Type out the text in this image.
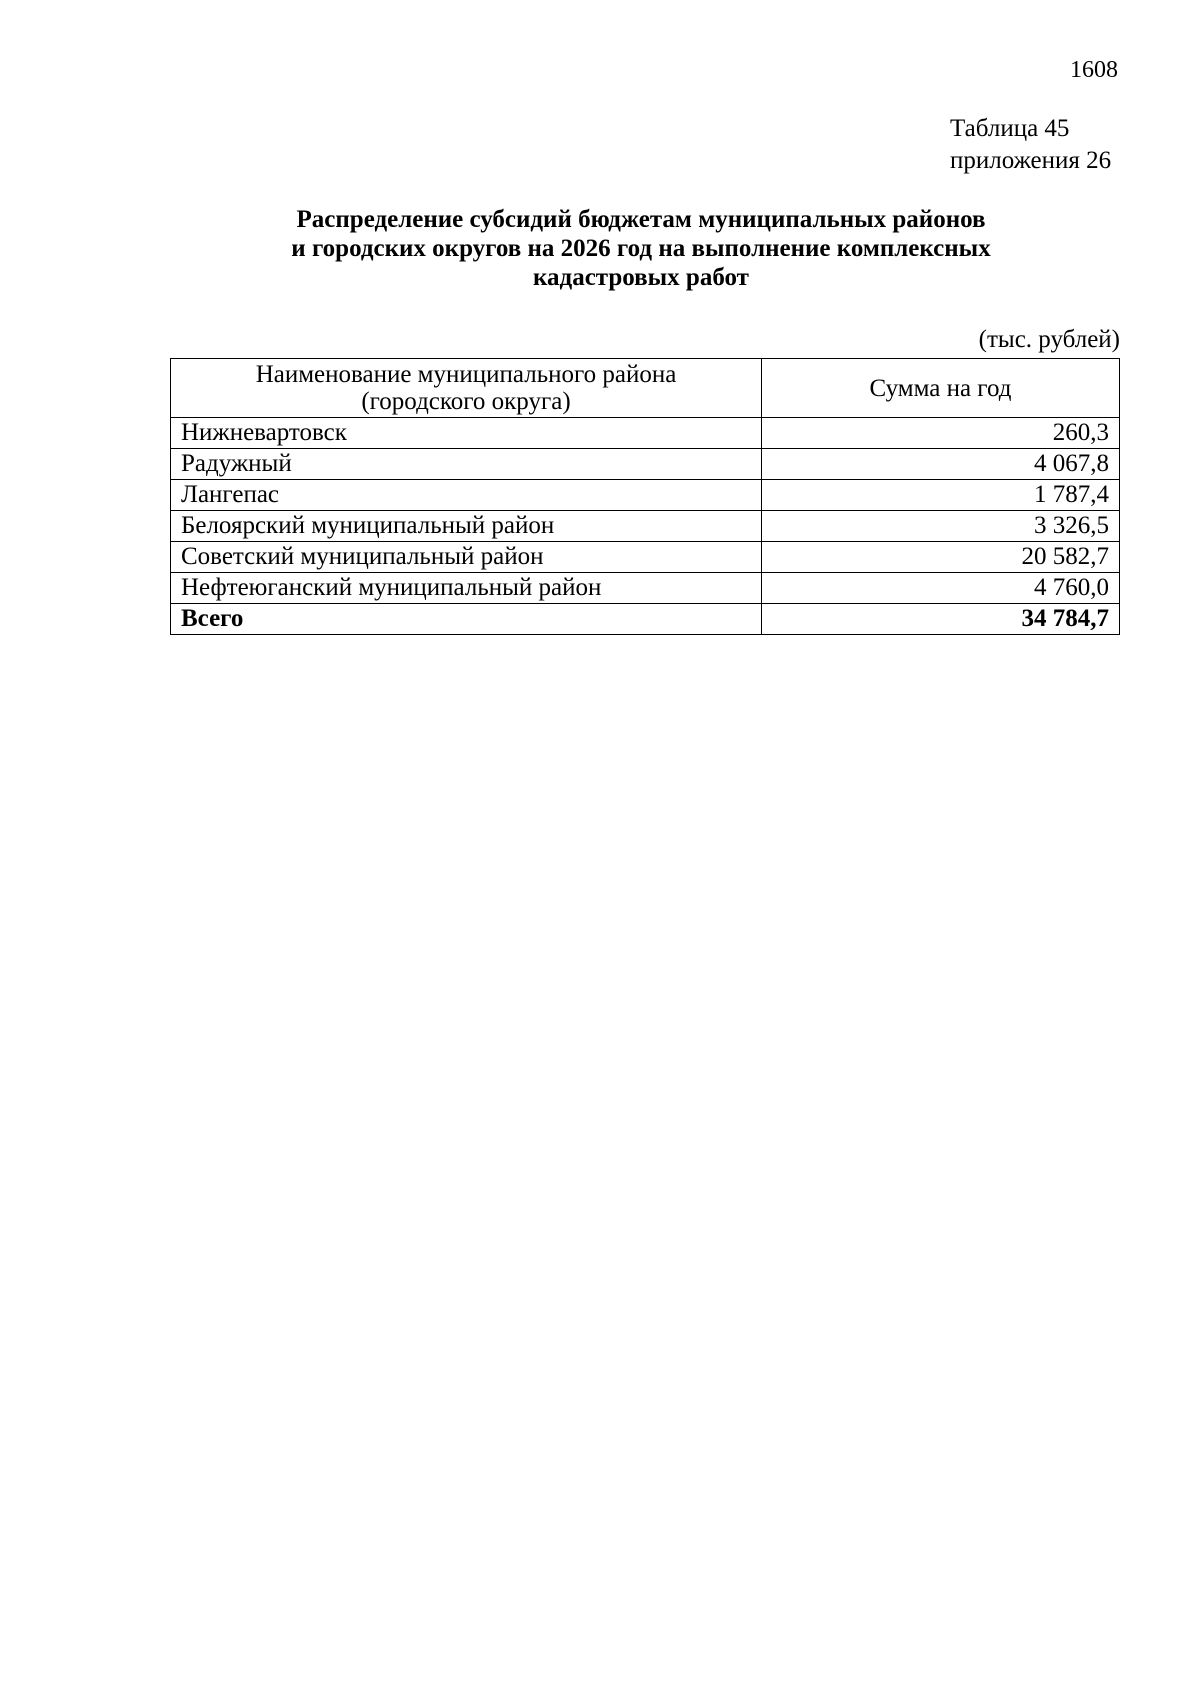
1608
Таблица 45
приложения 26
Распределение субсидий бюджетам муниципальных районов
и городских округов на 2026 год на выполнение комплексных
кадастровых работ
(тыс. рублей)
Наименование муниципального района
(городского округа)	Сумма на год
Нижневартовск	260,3
Радужный	4 067,8
Лангепас	1 787,4
Белоярский муниципальный район	3 326,5
Советский муниципальный район	20 582,7
Нефтеюганский муниципальный район	4 760,0
Всего	34 784,7
